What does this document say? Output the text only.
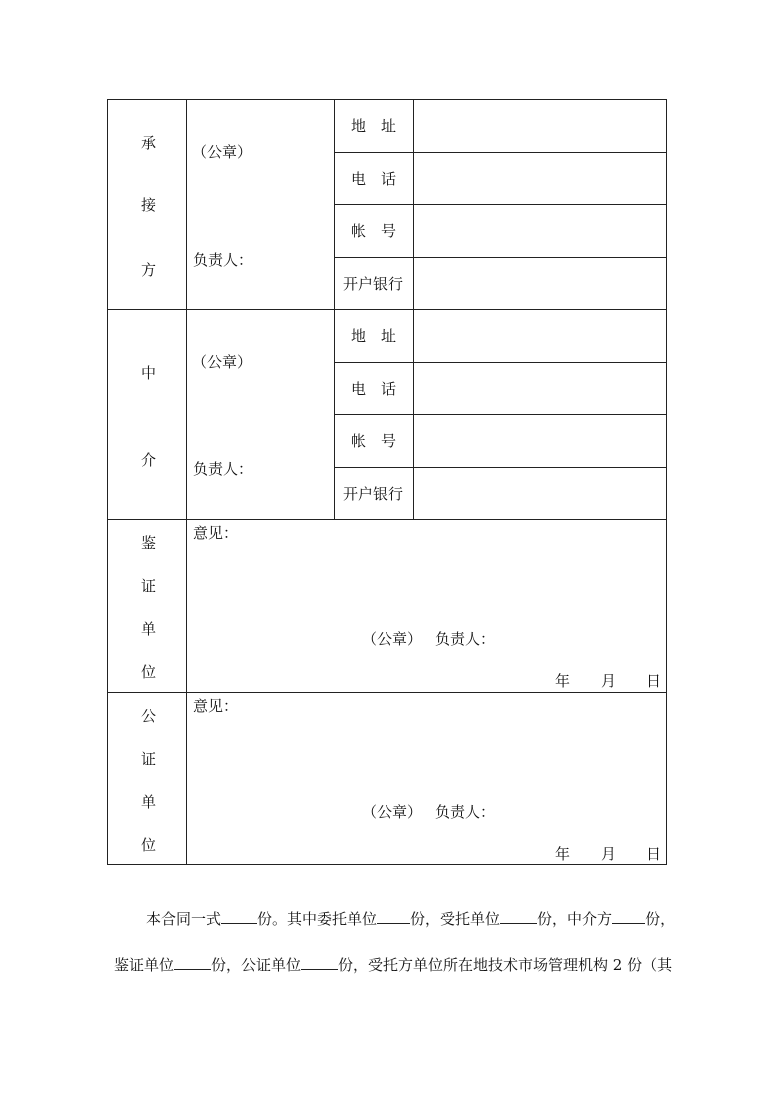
承
接
方
（公章）
负责人：
地　址
电　话
帐　号
开户银行
中
介
（公章）
负责人：
地　址
电　话
帐　号
开户银行
鉴
证
单
位
意见：
（公章） 负责人：
年 月 日
公
证
单
位
意见：
（公章） 负责人：
年 月 日
本合同一式 份。其中委托单位 份，受托单位 份，中介方 份，
鉴证单位 份，公证单位 份，受托方单位所在地技术市场管理机构 2 份（其
